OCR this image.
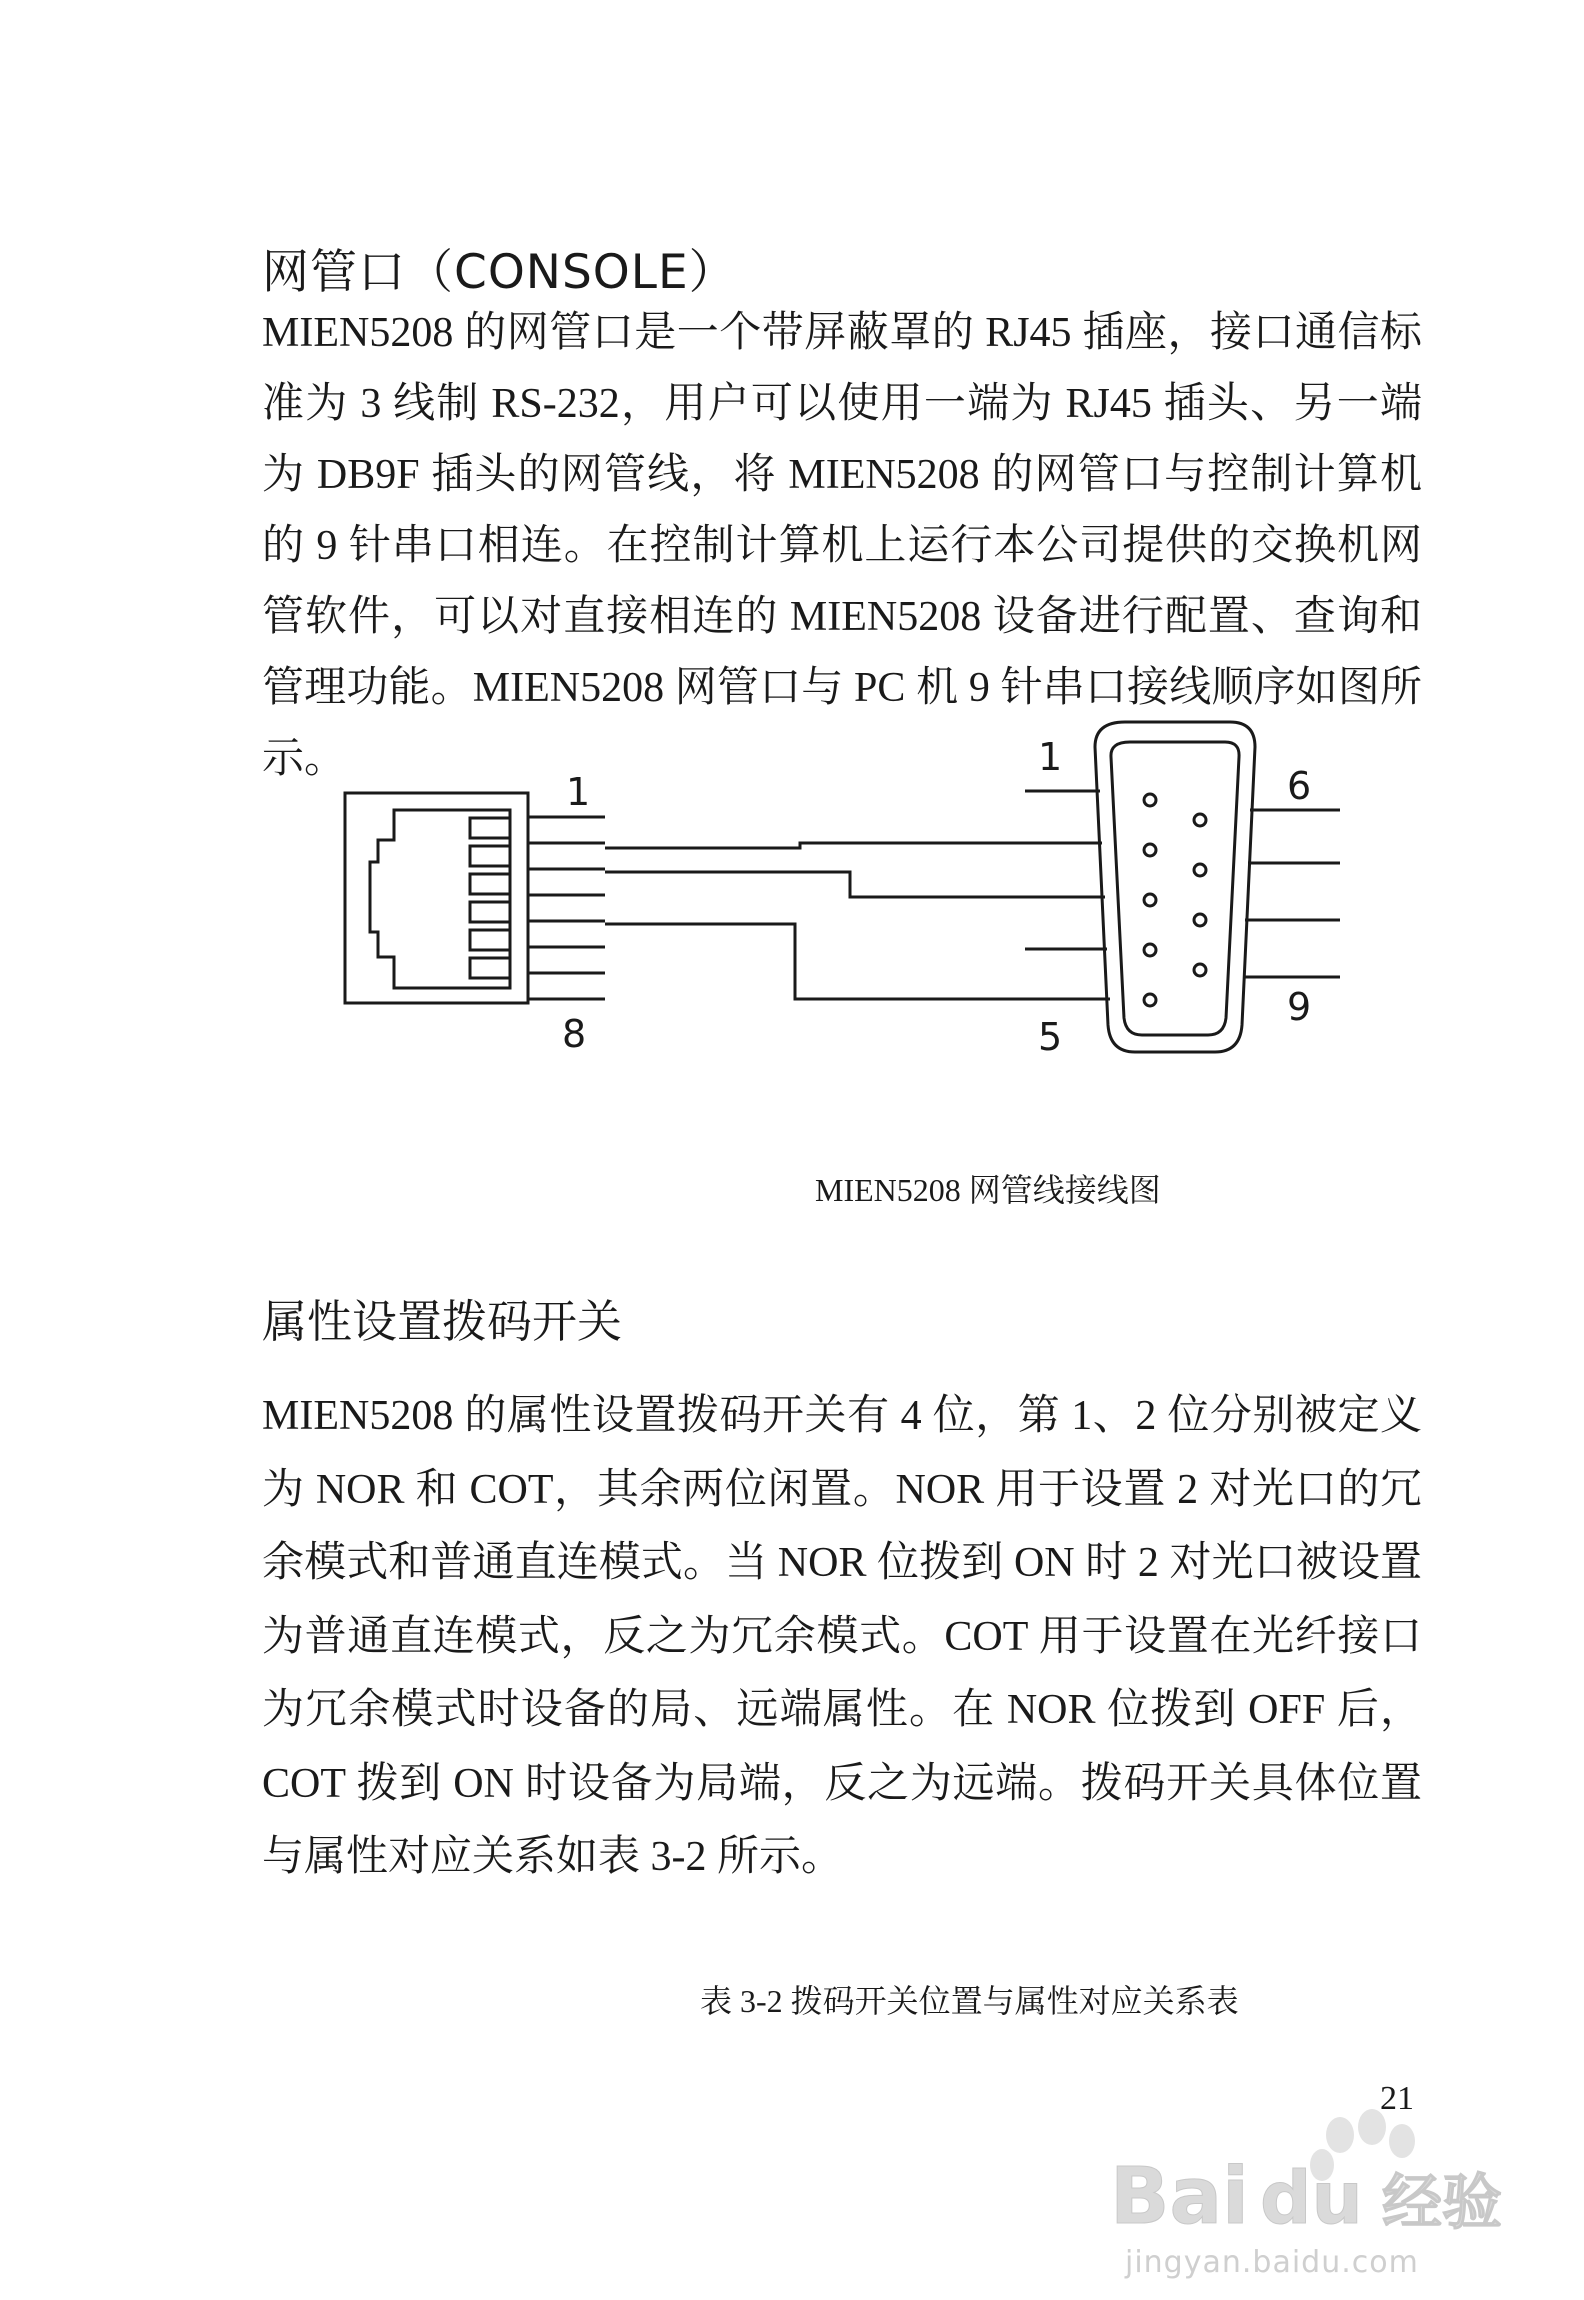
网管口（CONSOLE）
MIEN5208 的网管口是一个带屏蔽罩的 RJ45 插座，接口通信标准为 3 线制 RS-232，用户可以使用一端为 RJ45 插头、另一端为 DB9F 插头的网管线，将 MIEN5208 的网管口与控制计算机的 9 针串口相连。在控制计算机上运行本公司提供的交换机网管软件，可以对直接相连的 MIEN5208 设备进行配置、查询和管理功能。MIEN5208 网管口与 PC 机 9 针串口接线顺序如图所示。
1
8
1
6
5
9
MIEN5208 网管线接线图
属性设置拨码开关
MIEN5208 的属性设置拨码开关有 4 位，第 1、2 位分别被定义为 NOR 和 COT，其余两位闲置。NOR 用于设置 2 对光口的冗余模式和普通直连模式。当 NOR 位拨到 ON 时 2 对光口被设置为普通直连模式，反之为冗余模式。COT 用于设置在光纤接口为冗余模式时设备的局、远端属性。在 NOR 位拨到 OFF 后，COT 拨到 ON 时设备为局端，反之为远端。拨码开关具体位置与属性对应关系如表 3-2 所示。
表 3-2 拨码开关位置与属性对应关系表
21
Bai du 经验
jingyan.baidu.com
